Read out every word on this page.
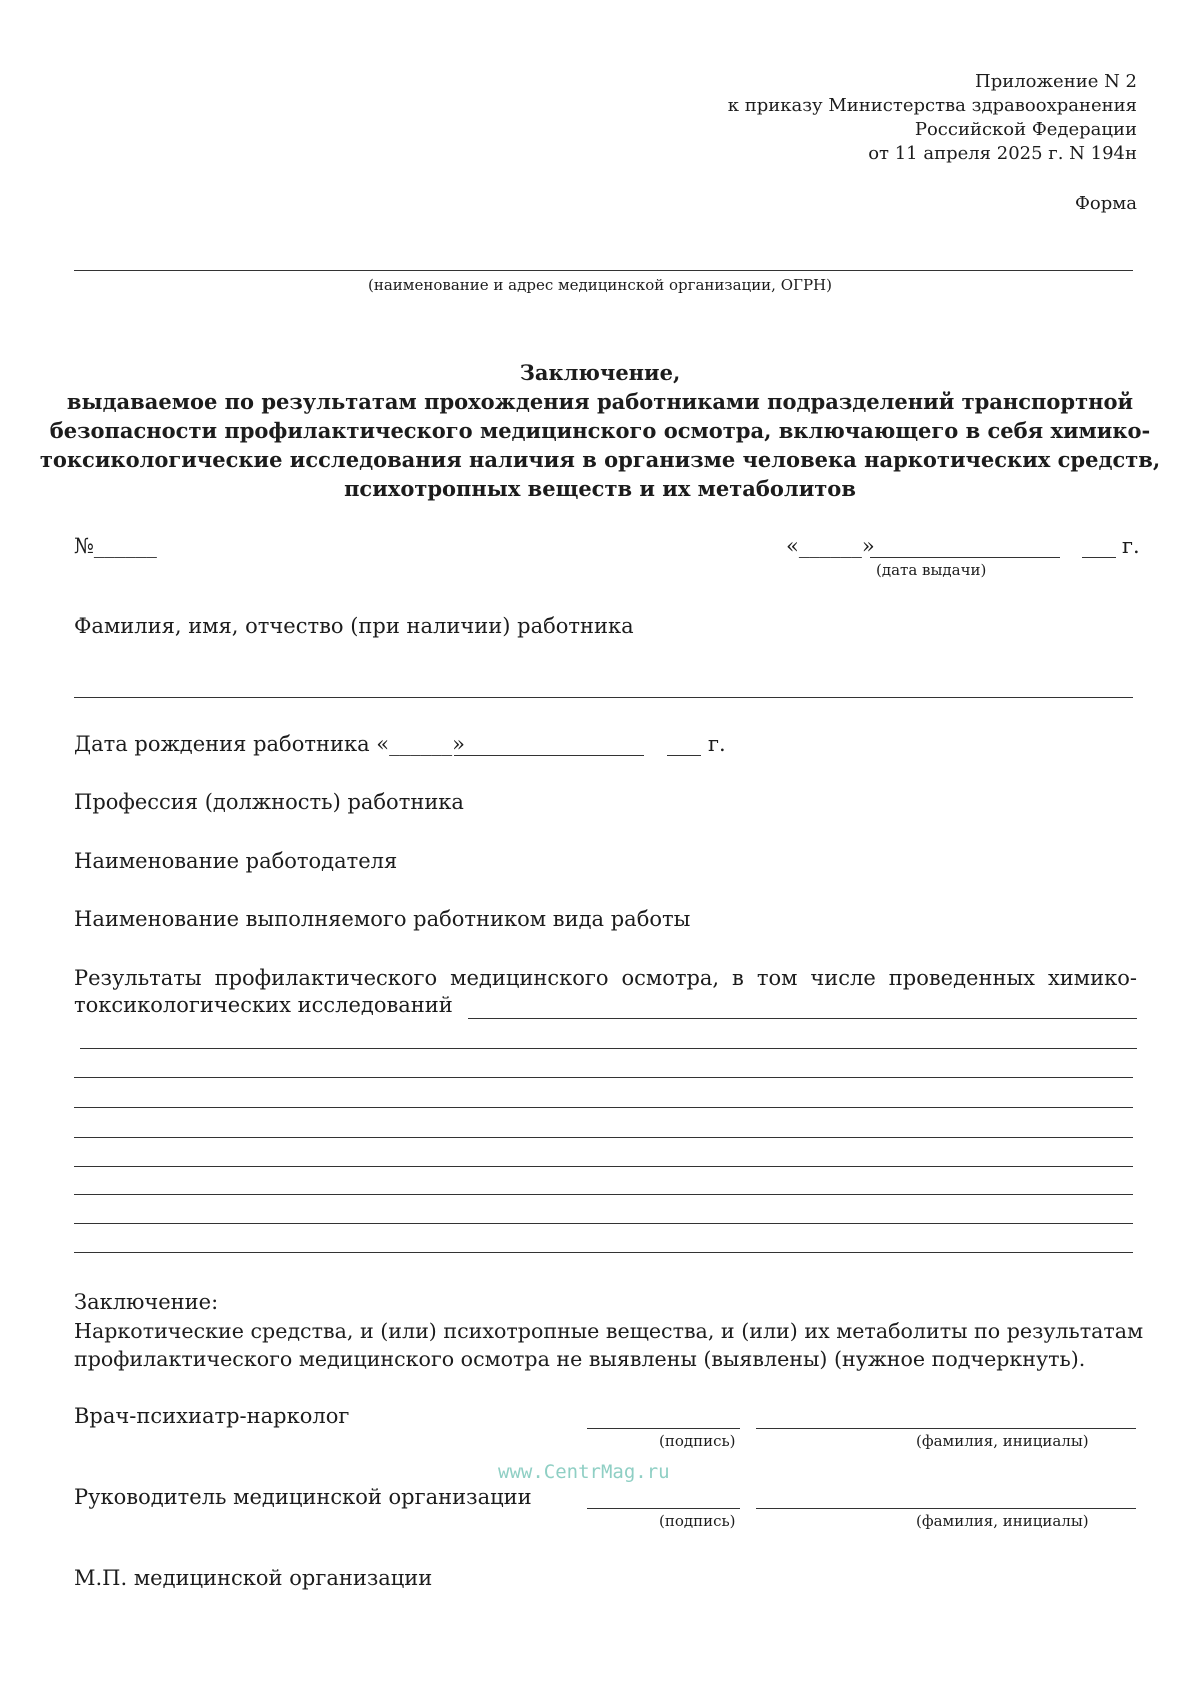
Приложение N 2
к приказу Министерства здравоохранения
Российской Федерации
от 11 апреля 2025 г. N 194н
Форма
(наименование и адрес медицинской организации, ОГРН)
Заключение,
выдаваемое по результатам прохождения работниками подразделений транспортной
безопасности профилактического медицинского осмотра, включающего в себя химико-
токсикологические исследования наличия в организме человека наркотических средств,
психотропных веществ и их метаболитов
№______	«______»	г.
(дата выдачи)
Фамилия, имя, отчество (при наличии) работника
Дата рождения работника «______»	г.
Профессия (должность) работника
Наименование работодателя
Наименование выполняемого работником вида работы
Результаты профилактического медицинского осмотра, в том числе проведенных химико-
токсикологических исследований
Заключение:
Наркотические средства, и (или) психотропные вещества, и (или) их метаболиты по результатам
профилактического медицинского осмотра не выявлены (выявлены) (нужное подчеркнуть).
Врач-психиатр-нарколог
(подпись)	(фамилия, инициалы)
www.CentrMag.ru
Руководитель медицинской организации
(подпись)	(фамилия, инициалы)
М.П. медицинской организации
